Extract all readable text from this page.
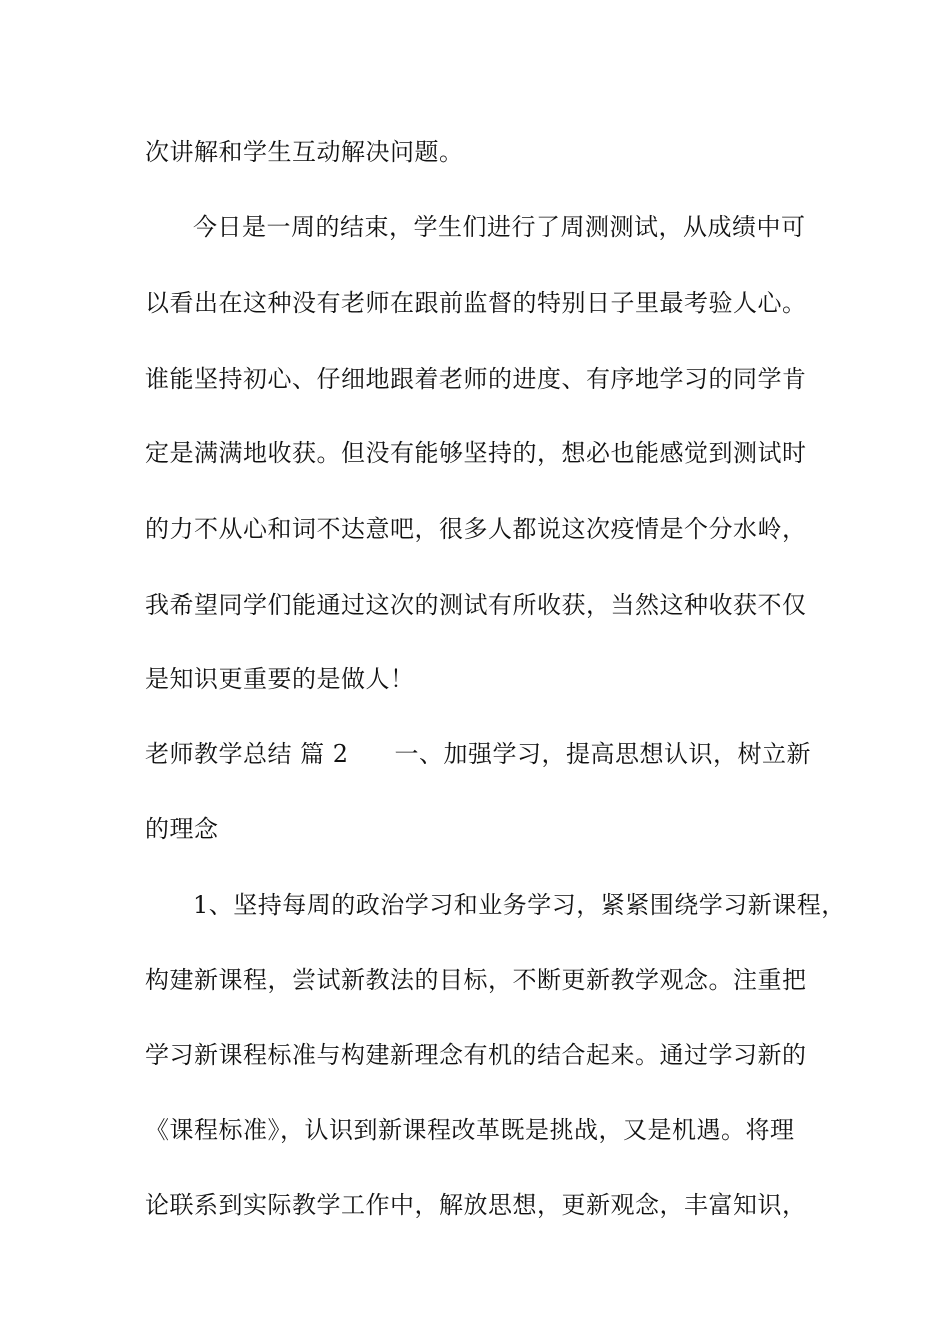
次讲解和学生互动解决问题。
今日是一周的结束，学生们进行了周测测试，从成绩中可
以看出在这种没有老师在跟前监督的特别日子里最考验人心。
谁能坚持初心、仔细地跟着老师的进度、有序地学习的同学肯
定是满满地收获。但没有能够坚持的，想必也能感觉到测试时
的力不从心和词不达意吧，很多人都说这次疫情是个分水岭，
我希望同学们能通过这次的测试有所收获，当然这种收获不仅
是知识更重要的是做人！
老师教学总结 篇 2 一、加强学习，提高思想认识，树立新
的理念
1、坚持每周的政治学习和业务学习，紧紧围绕学习新课程，
构建新课程，尝试新教法的目标，不断更新教学观念。注重把
学习新课程标准与构建新理念有机的结合起来。通过学习新的
《课程标准》，认识到新课程改革既是挑战，又是机遇。将理
论联系到实际教学工作中，解放思想，更新观念，丰富知识，
